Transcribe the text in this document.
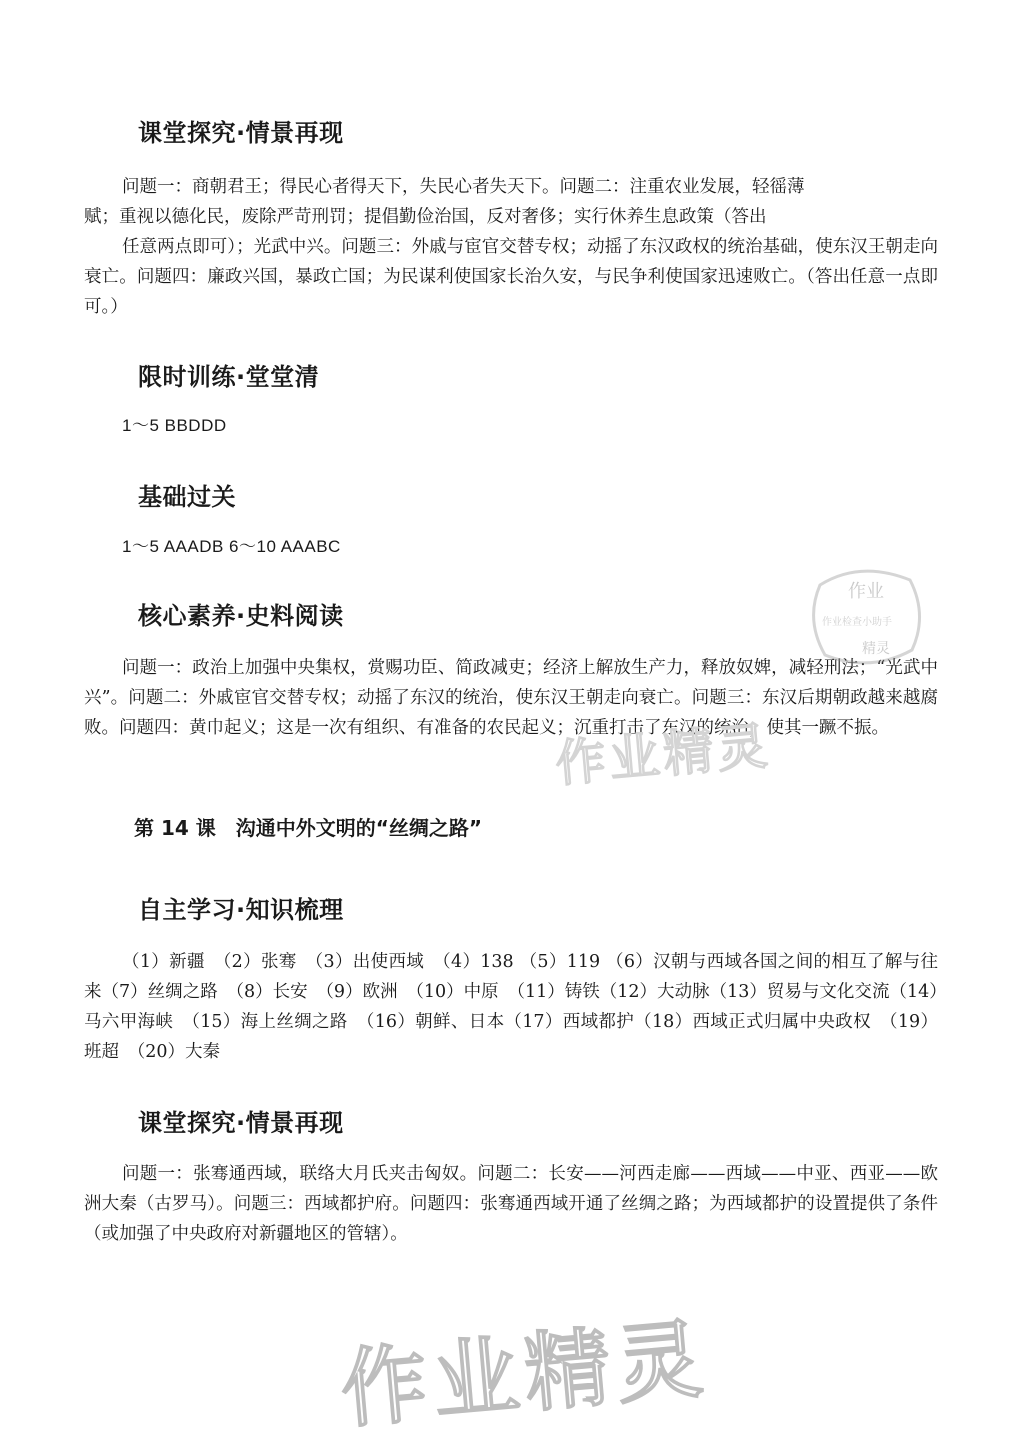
课堂探究·情景再现

问题一：商朝君王；得民心者得天下，失民心者失天下。问题二：注重农业发展，轻徭薄

赋；重视以德化民，废除严苛刑罚；提倡勤俭治国，反对奢侈；实行休养生息政策（答出

任意两点即可）；光武中兴。问题三：外戚与宦官交替专权；动摇了东汉政权的统治基础，使东汉王朝走向衰亡。问题四：廉政兴国，暴政亡国；为民谋利使国家长治久安，与民争利使国家迅速败亡。（答出任意一点即可。）

限时训练·堂堂清

1～5 BBDDD

基础过关

1～5 AAADB 6～10 AAABC

核心素养·史料阅读

问题一：政治上加强中央集权，赏赐功臣、简政减吏；经济上解放生产力，释放奴婢，减轻刑法；“光武中兴”。问题二：外戚宦官交替专权；动摇了东汉的统治，使东汉王朝走向衰亡。问题三：东汉后期朝政越来越腐败。问题四：黄巾起义；这是一次有组织、有准备的农民起义；沉重打击了东汉的统治，使其一蹶不振。

第 14 课　沟通中外文明的“丝绸之路”
自主学习·知识梳理

（1）新疆　（2）张骞　（3）出使西域　（4）138 （5）119 （6）汉朝与西域各国之间的相互了解与往来（7）丝绸之路　（8）长安　（9）欧洲　（10）中原　（11）铸铁（12）大动脉（13）贸易与文化交流（14）马六甲海峡　（15）海上丝绸之路　（16）朝鲜、日本（17）西域都护（18）西域正式归属中央政权　（19）班超　（20）大秦

课堂探究·情景再现

问题一：张骞通西域，联络大月氏夹击匈奴。问题二：长安——河西走廊——西域——中亚、西亚——欧洲大秦（古罗马）。问题三：西域都护府。问题四：张骞通西域开通了丝绸之路；为西域都护的设置提供了条件（或加强了中央政府对新疆地区的管辖）。

作业
作业检查小助手
精灵
作业精灵
作业精灵
